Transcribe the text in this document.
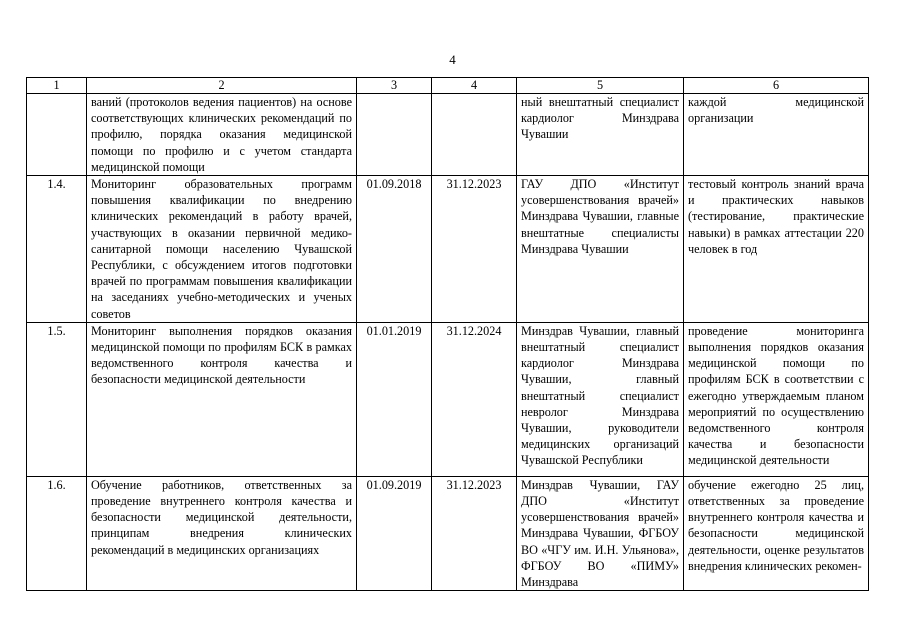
4
1	2	3	4	5	6
	ваний (протоколов ведения пациентов) на основе соответствующих клинических рекомендаций по профилю, порядка оказания медицинской помощи по профилю и с учетом стандарта медицинской помощи			ный внештатный специалист кардиолог Минздрава Чувашии	каждой медицинской организации
1.4.	Мониторинг образовательных программ повышения квалификации по внедрению клинических рекомендаций в работу врачей, участвующих в оказании первичной медико-санитарной помощи населению Чувашской Республики, с обсуждением итогов подготовки врачей по программам повышения квалификации на заседаниях учебно-методических и ученых советов	01.09.2018	31.12.2023	ГАУ ДПО «Институт усовершенствования врачей» Минздрава Чувашии, главные внештатные специалисты Минздрава Чувашии	тестовый контроль знаний врача и практических навыков (тестирование, практические навыки) в рамках аттестации 220 человек в год
1.5.	Мониторинг выполнения порядков оказания медицинской помощи по профилям БСК в рамках ведомственного контроля качества и безопасности медицинской деятельности	01.01.2019	31.12.2024	Минздрав Чувашии, главный внештатный специалист кардиолог Минздрава Чувашии, главный внештатный специалист невролог Минздрава Чувашии, руководители медицинских организаций Чувашской Республики	проведение мониторинга выполнения порядков оказания медицинской помощи по профилям БСК в соответствии с ежегодно утверждаемым планом мероприятий по осуществлению ведомственного контроля качества и безопасности медицинской деятельности
1.6.	Обучение работников, ответственных за проведение внутреннего контроля качества и безопасности медицинской деятельности, принципам внедрения клинических рекомендаций в медицинских организациях	01.09.2019	31.12.2023	Минздрав Чувашии, ГАУ ДПО «Институт усовершенствования врачей» Минздрава Чувашии, ФГБОУ ВО «ЧГУ им. И.Н. Ульянова», ФГБОУ ВО «ПИМУ» Минздрава	обучение ежегодно 25 лиц, ответственных за проведение внутреннего контроля качества и безопасности медицинской деятельности, оценке результатов внедрения клинических рекомен-
